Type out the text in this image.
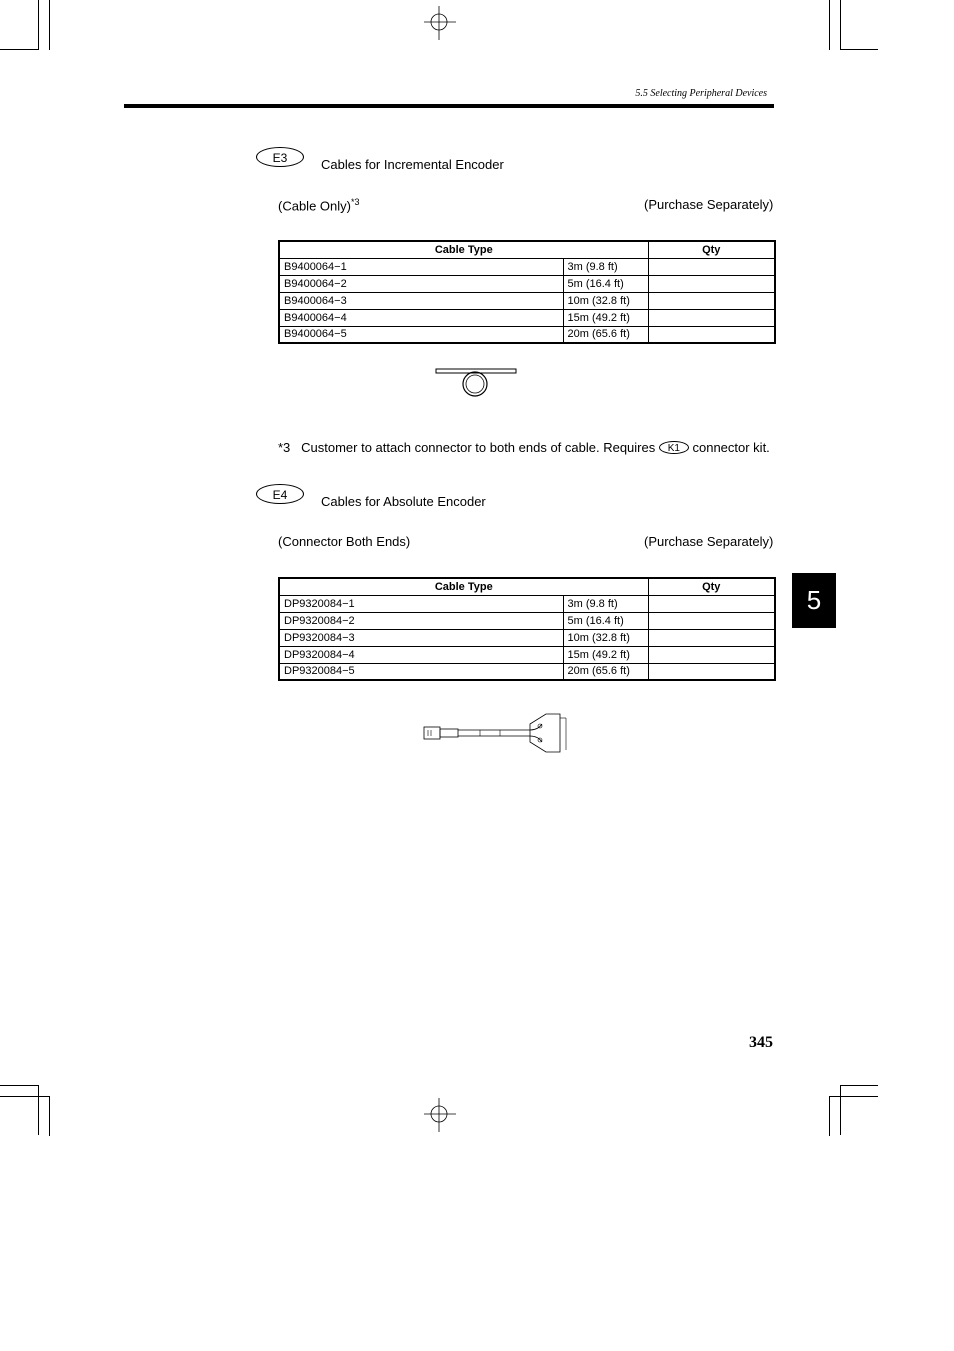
5.5 Selecting Peripheral Devices
E3	Cables for Incremental Encoder
(Cable Only)$^{*3}$	(Purchase Separately)
Cable Type		Qty
B9400064−1	3m (9.8 ft)	
B9400064−2	5m (16.4 ft)	
B9400064−3	10m (32.8 ft)	
B9400064−4	15m (49.2 ft)	
B9400064−5	20m (65.6 ft)	
*3 Customer to attach connector to both ends of cable. Requires K1 connector kit.
E4	Cables for Absolute Encoder
(Connector Both Ends)	(Purchase Separately)
Cable Type		Qty
DP9320084−1	3m (9.8 ft)	
DP9320084−2	5m (16.4 ft)	
DP9320084−3	10m (32.8 ft)	
DP9320084−4	15m (49.2 ft)	
DP9320084−5	20m (65.6 ft)	
5
345
